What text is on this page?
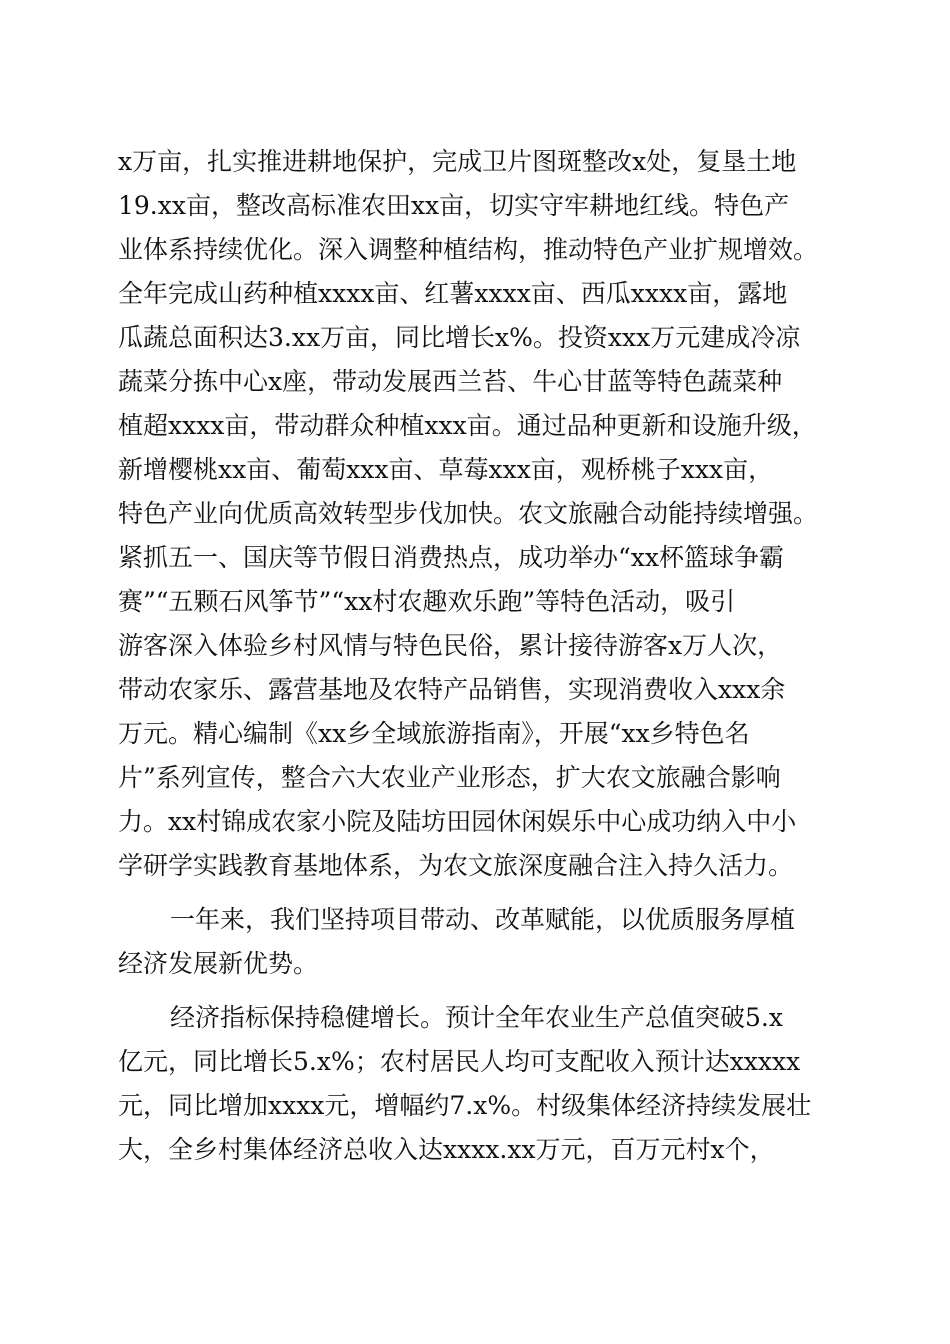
x万亩，扎实推进耕地保护，完成卫片图斑整改x处，复垦土地
19.xx亩，整改高标准农田xx亩，切实守牢耕地红线。特色产
业体系持续优化。深入调整种植结构，推动特色产业扩规增效。
全年完成山药种植xxxx亩、红薯xxxx亩、西瓜xxxx亩，露地
瓜蔬总面积达3.xx万亩，同比增长x%。投资xxx万元建成冷凉
蔬菜分拣中心x座，带动发展西兰苔、牛心甘蓝等特色蔬菜种
植超xxxx亩，带动群众种植xxx亩。通过品种更新和设施升级，
新增樱桃xx亩、葡萄xxx亩、草莓xxx亩，观桥桃子xxx亩，
特色产业向优质高效转型步伐加快。农文旅融合动能持续增强。
紧抓五一、国庆等节假日消费热点，成功举办“xx杯篮球争霸
赛”“五颗石风筝节”“xx村农趣欢乐跑”等特色活动，吸引
游客深入体验乡村风情与特色民俗，累计接待游客x万人次，
带动农家乐、露营基地及农特产品销售，实现消费收入xxx余
万元。精心编制《xx乡全域旅游指南》，开展“xx乡特色名
片”系列宣传，整合六大农业产业形态，扩大农文旅融合影响
力。xx村锦成农家小院及陆坊田园休闲娱乐中心成功纳入中小
学研学实践教育基地体系，为农文旅深度融合注入持久活力。
一年来，我们坚持项目带动、改革赋能，以优质服务厚植
经济发展新优势。
经济指标保持稳健增长。预计全年农业生产总值突破5.x
亿元，同比增长5.x%；农村居民人均可支配收入预计达xxxxx
元，同比增加xxxx元，增幅约7.x%。村级集体经济持续发展壮
大，全乡村集体经济总收入达xxxx.xx万元，百万元村x个，
